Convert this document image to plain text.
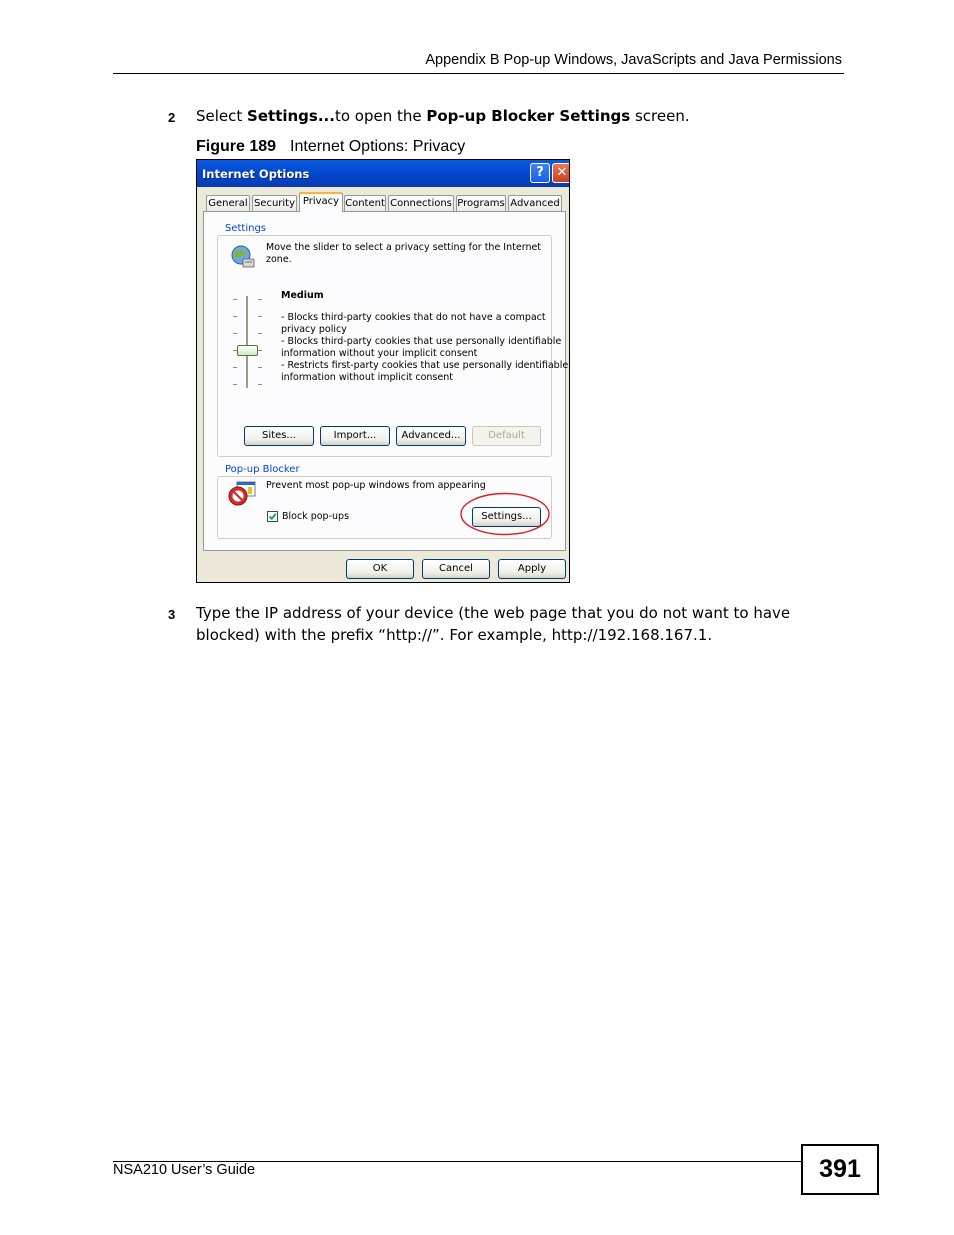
Appendix B Pop-up Windows, JavaScripts and Java Permissions
2 Select Settings...to open the Pop-up Blocker Settings screen.
Figure 189 Internet Options: Privacy
Internet Options	? ✕
General Security Privacy Content Connections Programs Advanced
Settings
Move the slider to select a privacy setting for the Internet
zone.
Medium
- Blocks third-party cookies that do not have a compact
privacy policy
- Blocks third-party cookies that use personally identifiable
information without your implicit consent
- Restricts first-party cookies that use personally identifiable
information without implicit consent
Sites...	Import...	Advanced...	Default
Pop-up Blocker
Prevent most pop-up windows from appearing
Block pop-ups	Settings...
OK	Cancel	Apply
3 Type the IP address of your device (the web page that you do not want to have
blocked) with the prefix “http://”. For example, http://192.168.167.1.
NSA210 User’s Guide	391
